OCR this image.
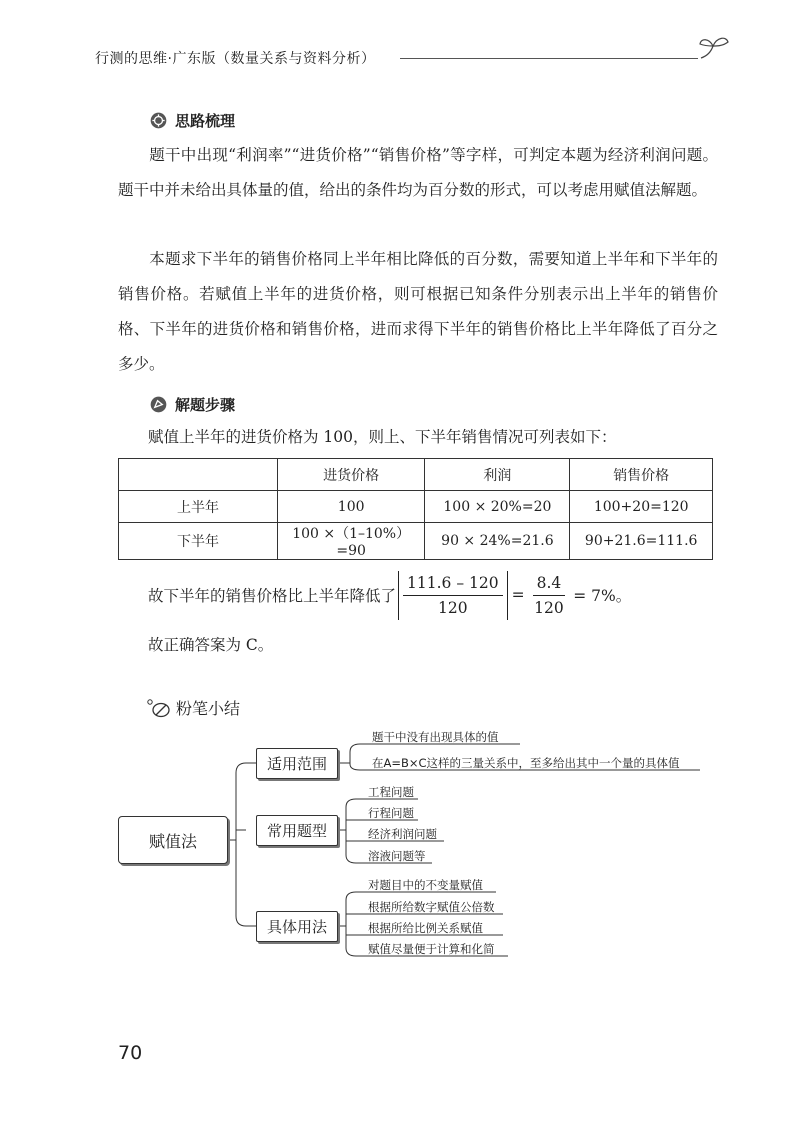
行测的思维·广东版（数量关系与资料分析）
思路梳理

题干中出现“利润率”“进货价格”“销售价格”等字样，可判定本题为经济利润问题。题干中并未给出具体量的值，给出的条件均为百分数的形式，可以考虑用赋值法解题。

本题求下半年的销售价格同上半年相比降低的百分数，需要知道上半年和下半年的销售价格。若赋值上半年的进货价格，则可根据已知条件分别表示出上半年的销售价格、下半年的进货价格和销售价格，进而求得下半年的销售价格比上半年降低了百分之多少。

解题步骤

赋值上半年的进货价格为 100，则上、下半年销售情况可列表如下：

	进货价格	利润	销售价格
上半年	100	100 × 20%=20	100+20=120
下半年	100 ×（1–10%）=90	90 × 24%=21.6	90+21.6=111.6
故下半年的销售价格比上半年降低了 $\frac{111.6 - 120}{120} = \frac{8.4}{120} = 7\%$。

故正确答案为 C。

粉笔小结
赋值法
适用范围
常用题型
具体用法
题干中没有出现具体的值
在A=B×C这样的三量关系中，至多给出其中一个量的具体值
工程问题
行程问题
经济利润问题
溶液问题等
对题目中的不变量赋值
根据所给数字赋值公倍数
根据所给比例关系赋值
赋值尽量便于计算和化简
70
